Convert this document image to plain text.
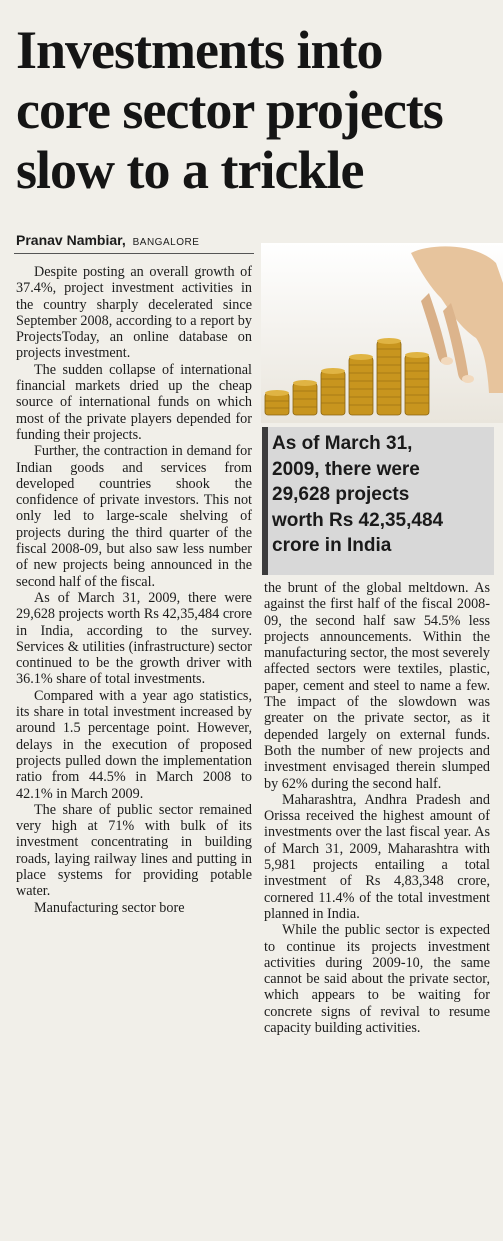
Investments into
core sector projects
slow to a trickle
Pranav Nambiar, BANGALORE

Despite posting an overall growth of 37.4%, project investment activities in the country sharply decelerated since September 2008, according to a report by ProjectsToday, an online database on projects investment.

The sudden collapse of international financial markets dried up the cheap source of international funds on which most of the private players depended for funding their projects.

Further, the contraction in demand for Indian goods and services from developed countries shook the confidence of private investors. This not only led to large-scale shelving of projects during the third quarter of the fiscal 2008-09, but also saw less number of new projects being announced in the second half of the fiscal.

As of March 31, 2009, there were 29,628 projects worth Rs 42,35,484 crore in India, according to the survey. Services & utilities (infrastructure) sector continued to be the growth driver with 36.1% share of total investments.

Compared with a year ago statistics, its share in total investment increased by around 1.5 percentage point. However, delays in the execution of proposed projects pulled down the implementation ratio from 44.5% in March 2008 to 42.1% in March 2009.

The share of public sector remained very high at 71% with bulk of its investment concentrating in building roads, laying railway lines and putting in place systems for providing potable water.

Manufacturing sector bore

As of March 31,
2009, there were
29,628 projects
worth Rs 42,35,484
crore in India

the brunt of the global meltdown. As against the first half of the fiscal 2008-09, the second half saw 54.5% less projects announcements. Within the manufacturing sector, the most severely affected sectors were textiles, plastic, paper, cement and steel to name a few. The impact of the slowdown was greater on the private sector, as it depended largely on external funds. Both the number of new projects and investment envisaged therein slumped by 62% during the second half.

Maharashtra, Andhra Pradesh and Orissa received the highest amount of investments over the last fiscal year. As of March 31, 2009, Maharashtra with 5,981 projects entailing a total investment of Rs 4,83,348 crore, cornered 11.4% of the total investment planned in India.

While the public sector is expected to continue its projects investment activities during 2009-10, the same cannot be said about the private sector, which appears to be waiting for concrete signs of revival to resume capacity building activities.
